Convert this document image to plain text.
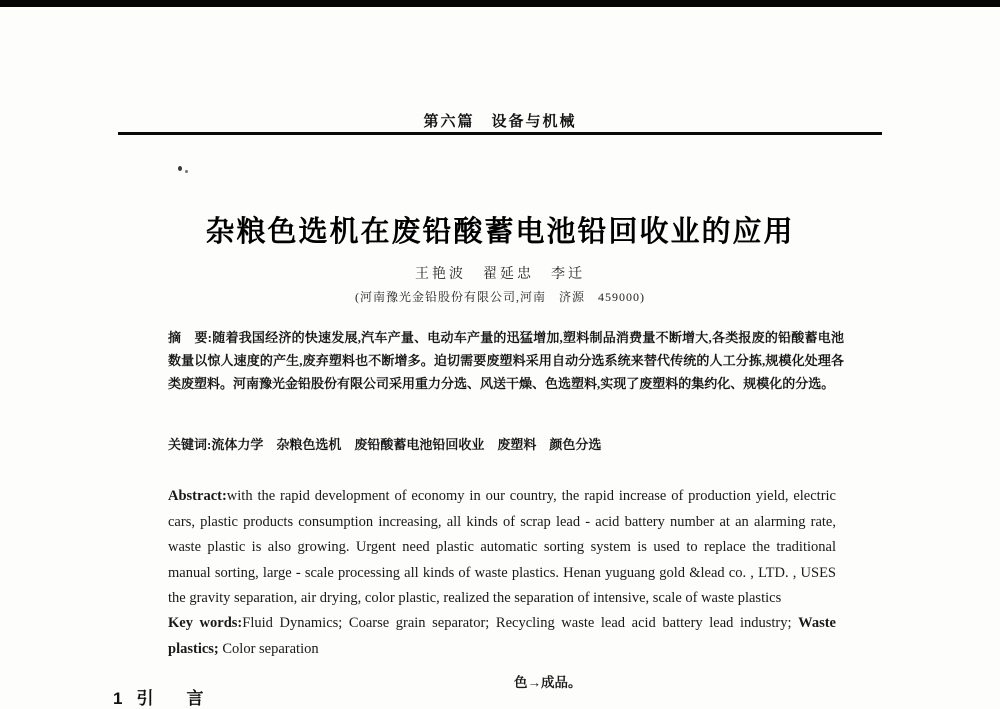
第六篇　设备与机械
杂粮色选机在废铅酸蓄电池铅回收业的应用
王艳波　翟延忠　李迁
(河南豫光金铅股份有限公司,河南　济源　459000)

摘　要:随着我国经济的快速发展,汽车产量、电动车产量的迅猛增加,塑料制品消费量不断增大,各类报废的铅酸蓄电池数量以惊人速度的产生,废弃塑料也不断增多。迫切需要废塑料采用自动分选系统来替代传统的人工分拣,规模化处理各类废塑料。河南豫光金铅股份有限公司采用重力分选、风送干燥、色选塑料,实现了废塑料的集约化、规模化的分选。

关键词:流体力学　杂粮色选机　废铅酸蓄电池铅回收业　废塑料　颜色分选

Abstract:with the rapid development of economy in our country, the rapid increase of production yield, electric cars, plastic products consumption increasing, all kinds of scrap lead - acid battery number at an alarming rate, waste plastic is also growing. Urgent need plastic automatic sorting system is used to replace the traditional manual sorting, large - scale processing all kinds of waste plastics. Henan yuguang gold &lead co. , LTD. , USES the gravity separation, air drying, color plastic, realized the separation of intensive, scale of waste plastics

Key words:Fluid Dynamics; Coarse grain separator; Recycling waste lead acid battery lead industry; Waste plastics; Color separation

1 引　言
色→成品。
